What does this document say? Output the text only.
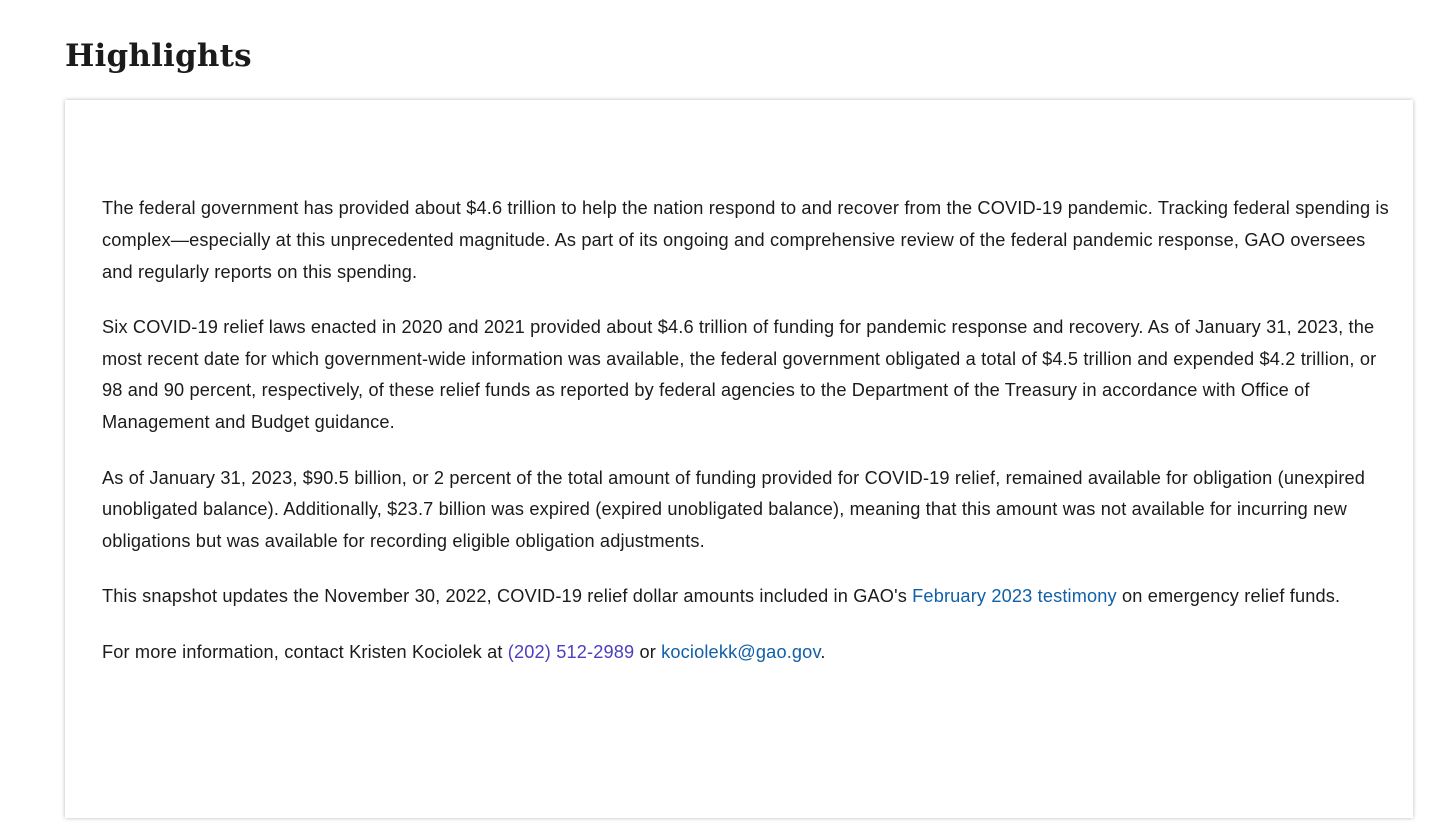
Highlights

The federal government has provided about $4.6 trillion to help the nation respond to and recover from the COVID-19 pandemic. Tracking federal spending is complex—especially at this unprecedented magnitude. As part of its ongoing and comprehensive review of the federal pandemic response, GAO oversees and regularly reports on this spending.

Six COVID-19 relief laws enacted in 2020 and 2021 provided about $4.6 trillion of funding for pandemic response and recovery. As of January 31, 2023, the most recent date for which government-wide information was available, the federal government obligated a total of $4.5 trillion and expended $4.2 trillion, or 98 and 90 percent, respectively, of these relief funds as reported by federal agencies to the Department of the Treasury in accordance with Office of Management and Budget guidance.

As of January 31, 2023, $90.5 billion, or 2 percent of the total amount of funding provided for COVID-19 relief, remained available for obligation (unexpired unobligated balance). Additionally, $23.7 billion was expired (expired unobligated balance), meaning that this amount was not available for incurring new obligations but was available for recording eligible obligation adjustments.

This snapshot updates the November 30, 2022, COVID-19 relief dollar amounts included in GAO's February 2023 testimony on emergency relief funds.

For more information, contact Kristen Kociolek at (202) 512-2989 or kociolekk@gao.gov.
